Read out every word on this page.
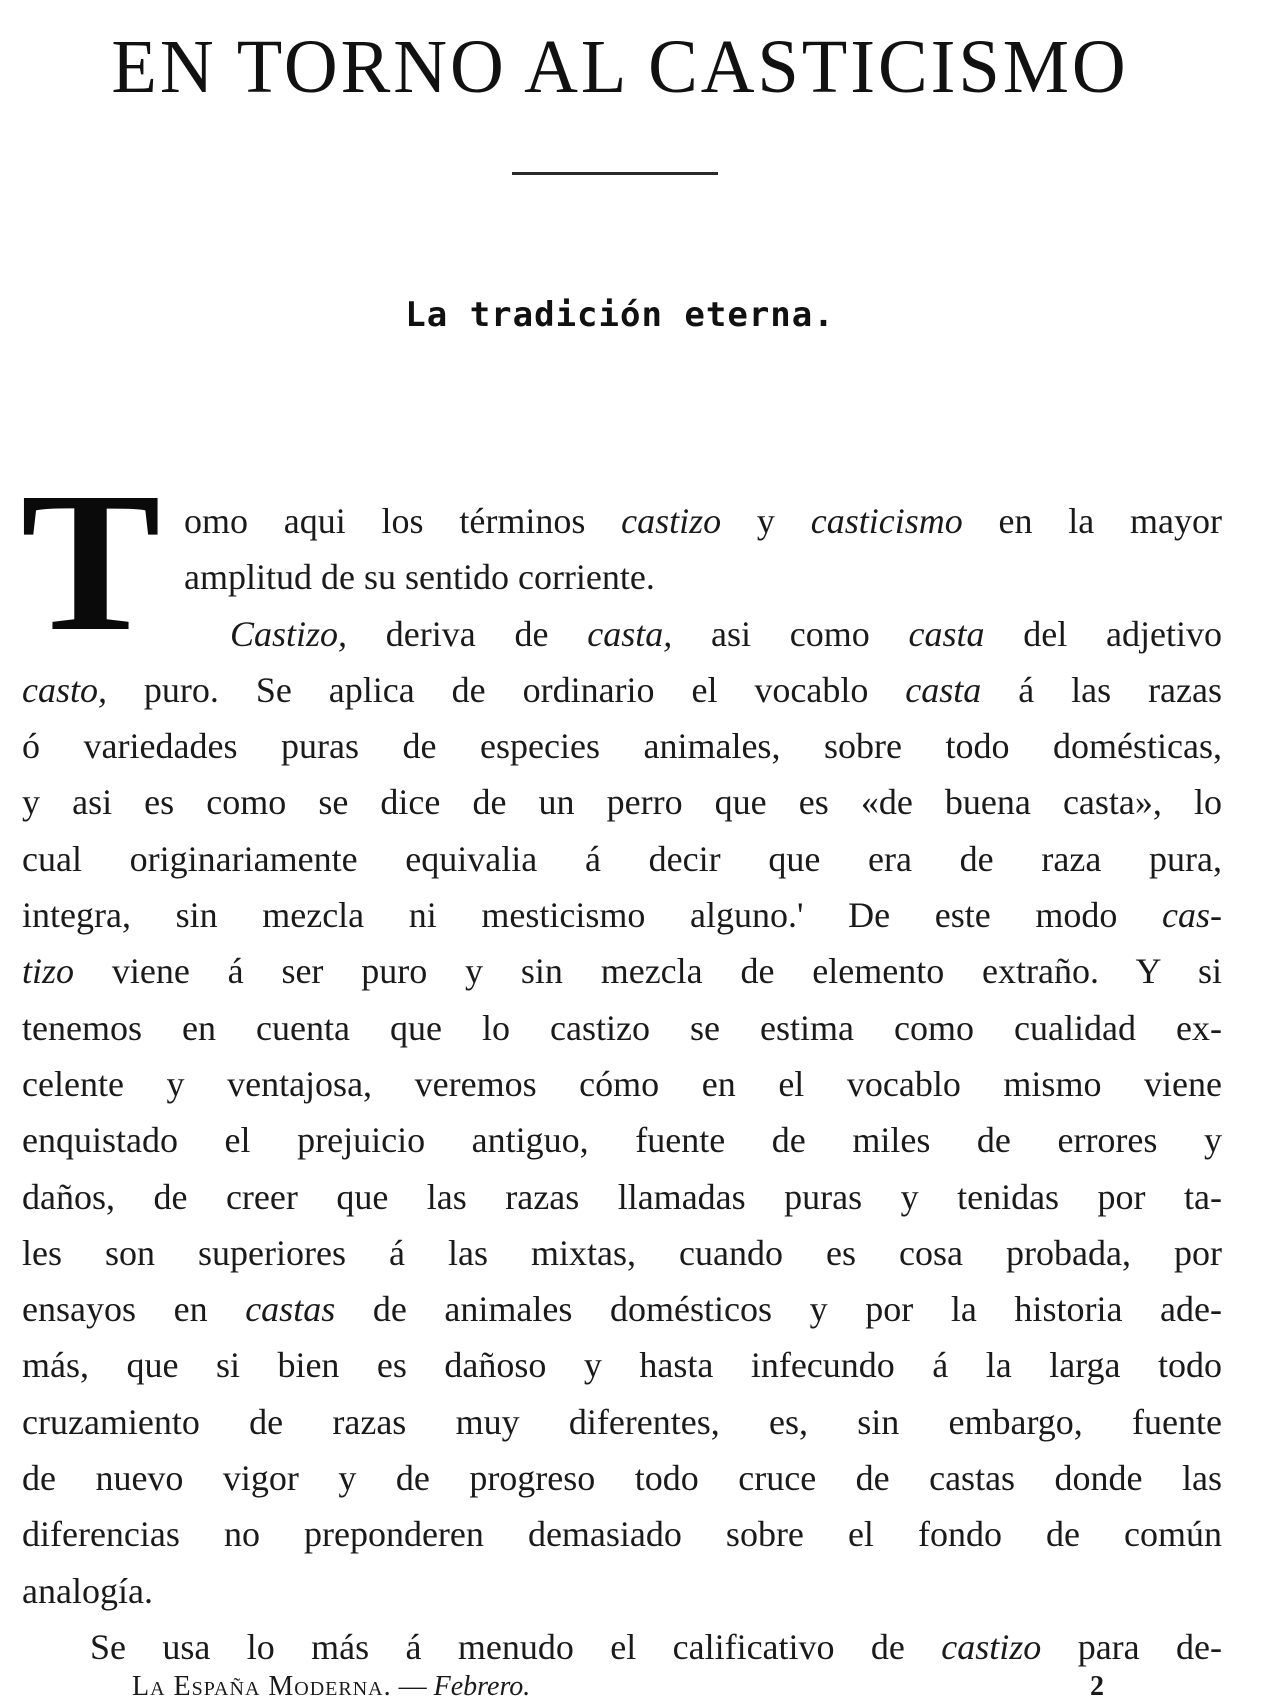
EN TORNO AL CASTICISMO
La tradición eterna.
T omo aqui los términos castizo y casticismo en la mayor
amplitud de su sentido corriente.
Castizo, deriva de casta, asi como casta del adjetivo
casto, puro. Se aplica de ordinario el vocablo casta á las razas
ó variedades puras de especies animales, sobre todo domésticas,
y asi es como se dice de un perro que es «de buena casta», lo
cual originariamente equivalia á decir que era de raza pura,
integra, sin mezcla ni mesticismo alguno.' De este modo cas-
tizo viene á ser puro y sin mezcla de elemento extraño. Y si
tenemos en cuenta que lo castizo se estima como cualidad ex-
celente y ventajosa, veremos cómo en el vocablo mismo viene
enquistado el prejuicio antiguo, fuente de miles de errores y
daños, de creer que las razas llamadas puras y tenidas por ta-
les son superiores á las mixtas, cuando es cosa probada, por
ensayos en castas de animales domésticos y por la historia ade-
más, que si bien es dañoso y hasta infecundo á la larga todo
cruzamiento de razas muy diferentes, es, sin embargo, fuente
de nuevo vigor y de progreso todo cruce de castas donde las
diferencias no preponderen demasiado sobre el fondo de común
analogía.
Se usa lo más á menudo el calificativo de castizo para de-
La España Moderna. — Febrero.	2
